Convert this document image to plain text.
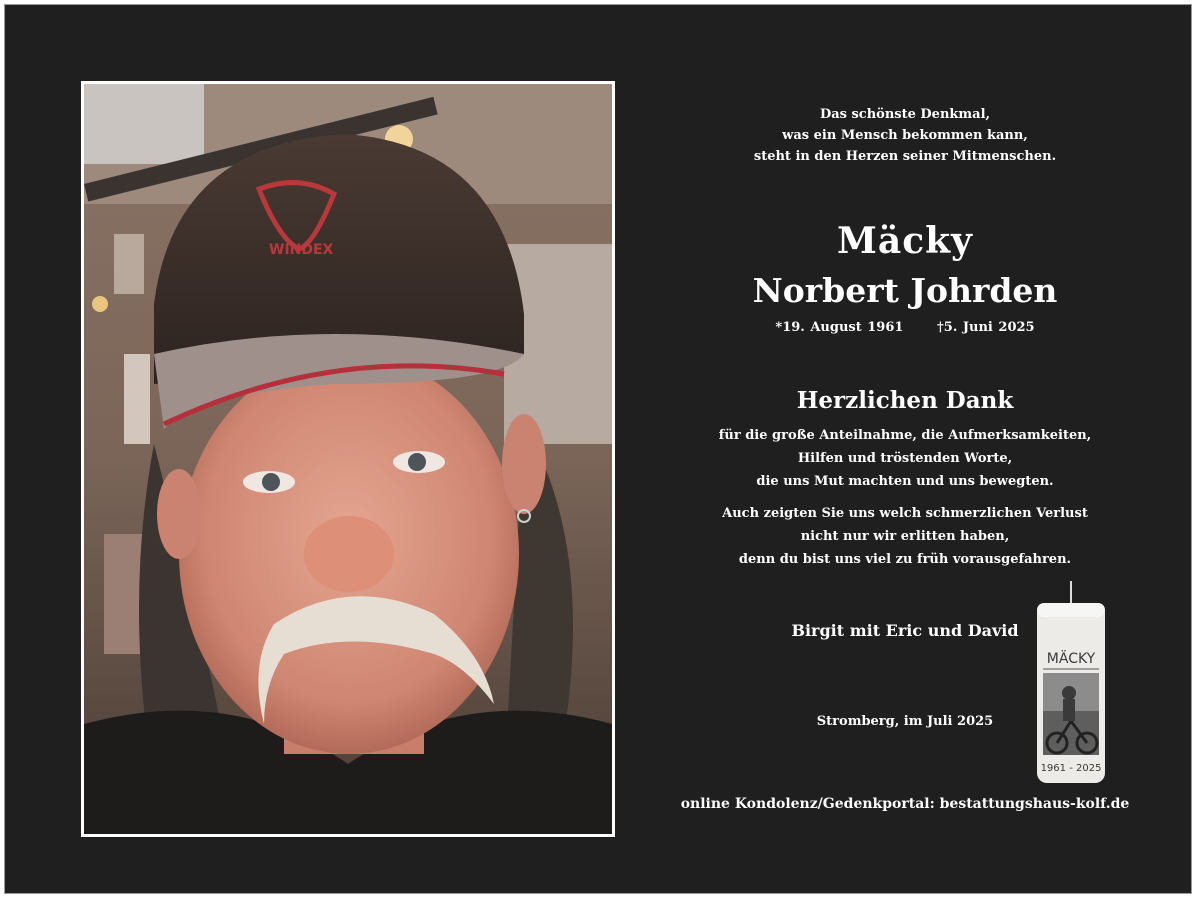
WINDEX
Das schönste Denkmal,
was ein Mensch bekommen kann,
steht in den Herzen seiner Mitmenschen.
Mäcky
Norbert Johrden
*19. August 1961	†5. Juni 2025
Herzlichen Dank
für die große Anteilnahme, die Aufmerksamkeiten,
Hilfen und tröstenden Worte,
die uns Mut machten und uns bewegten.
Auch zeigten Sie uns welch schmerzlichen Verlust
nicht nur wir erlitten haben,
denn du bist uns viel zu früh vorausgefahren.
Birgit mit Eric und David
Stromberg, im Juli 2025
online Kondolenz/Gedenkportal: bestattungshaus-kolf.de
MÄCKY
1961 - 2025
